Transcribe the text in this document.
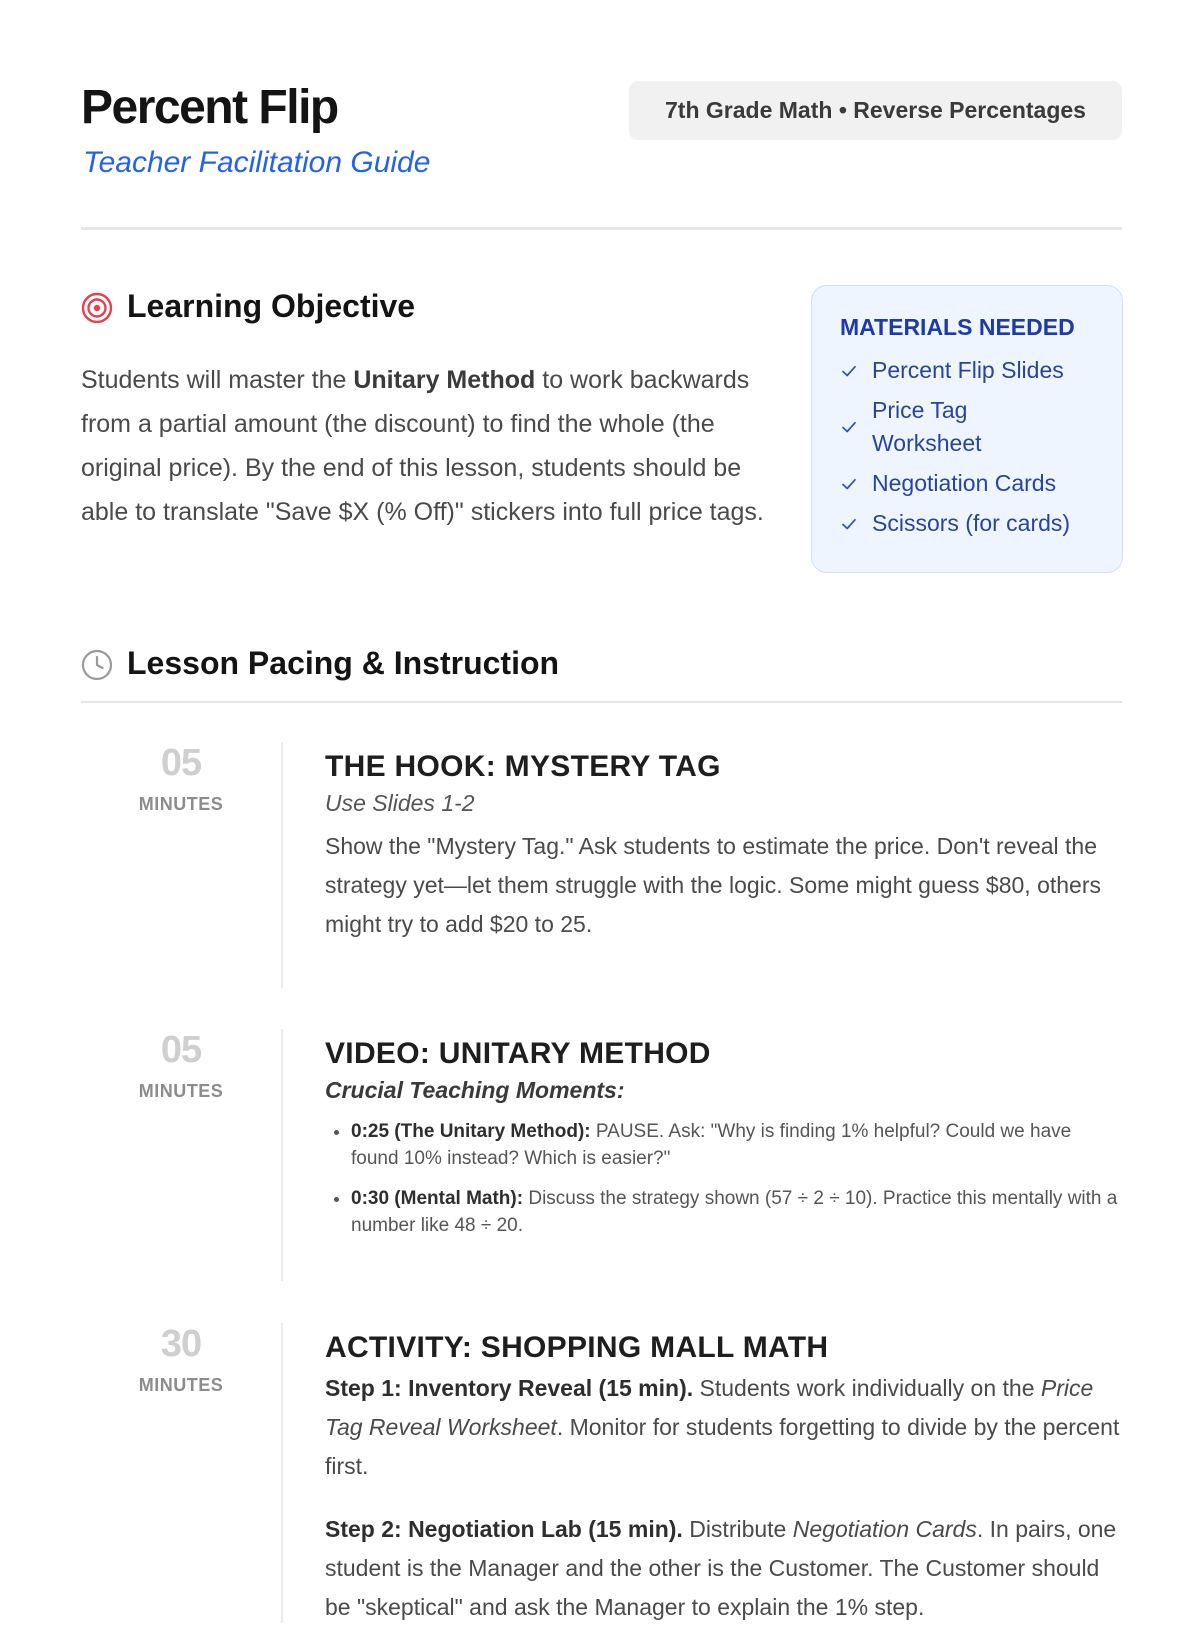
Percent Flip
Teacher Facilitation Guide
7th Grade Math • Reverse Percentages
Learning Objective

Students will master the Unitary Method to work backwards from a partial amount (the discount) to find the whole (the original price). By the end of this lesson, students should be able to translate "Save $X (% Off)" stickers into full price tags.

MATERIALS NEEDED
Percent Flip Slides
Price Tag Worksheet
Negotiation Cards
Scissors (for cards)
Lesson Pacing & Instruction
05
MINUTES
THE HOOK: MYSTERY TAG
Use Slides 1-2

Show the "Mystery Tag." Ask students to estimate the price. Don't reveal the strategy yet—let them struggle with the logic. Some might guess $80, others might try to add $20 to 25.

05
MINUTES
VIDEO: UNITARY METHOD
Crucial Teaching Moments:
• 0:25 (The Unitary Method): PAUSE. Ask: "Why is finding 1% helpful? Could we have found 10% instead? Which is easier?"
• 0:30 (Mental Math): Discuss the strategy shown (57 ÷ 2 ÷ 10). Practice this mentally with a number like 48 ÷ 20.
30
MINUTES
ACTIVITY: SHOPPING MALL MATH

Step 1: Inventory Reveal (15 min). Students work individually on the Price Tag Reveal Worksheet. Monitor for students forgetting to divide by the percent first.

Step 2: Negotiation Lab (15 min). Distribute Negotiation Cards. In pairs, one student is the Manager and the other is the Customer. The Customer should be "skeptical" and ask the Manager to explain the 1% step.
